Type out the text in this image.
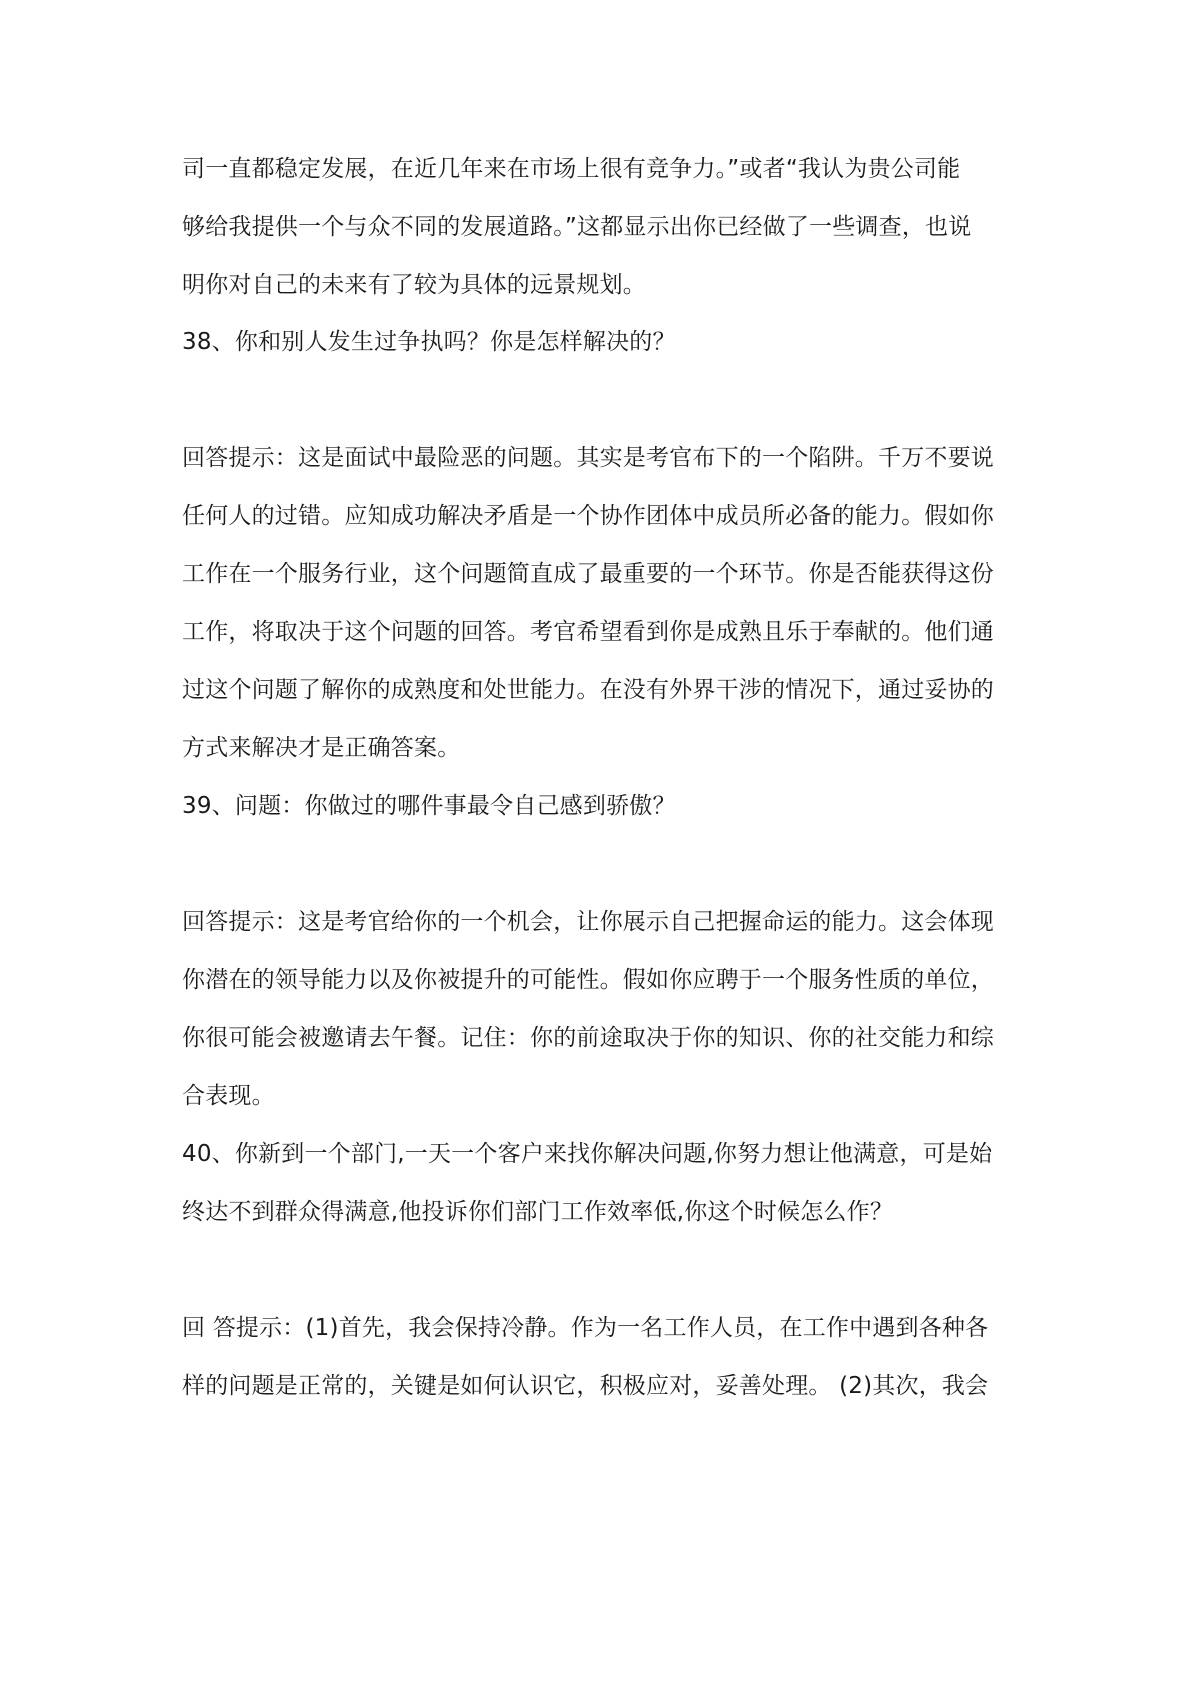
司一直都稳定发展，在近几年来在市场上很有竞争力。”或者“我认为贵公司能
够给我提供一个与众不同的发展道路。”这都显示出你已经做了一些调查，也说
明你对自己的未来有了较为具体的远景规划。
38、你和别人发生过争执吗？你是怎样解决的？
回答提示：这是面试中最险恶的问题。其实是考官布下的一个陷阱。千万不要说
任何人的过错。应知成功解决矛盾是一个协作团体中成员所必备的能力。假如你
工作在一个服务行业，这个问题简直成了最重要的一个环节。你是否能获得这份
工作，将取决于这个问题的回答。考官希望看到你是成熟且乐于奉献的。他们通
过这个问题了解你的成熟度和处世能力。在没有外界干涉的情况下，通过妥协的
方式来解决才是正确答案。
39、问题：你做过的哪件事最令自己感到骄傲？
回答提示：这是考官给你的一个机会，让你展示自己把握命运的能力。这会体现
你潜在的领导能力以及你被提升的可能性。假如你应聘于一个服务性质的单位，
你很可能会被邀请去午餐。记住：你的前途取决于你的知识、你的社交能力和综
合表现。
40、你新到一个部门,一天一个客户来找你解决问题,你努力想让他满意，可是始
终达不到群众得满意,他投诉你们部门工作效率低,你这个时候怎么作？
回 答提示：(1)首先，我会保持冷静。作为一名工作人员，在工作中遇到各种各
样的问题是正常的，关键是如何认识它，积极应对，妥善处理。 (2)其次，我会
